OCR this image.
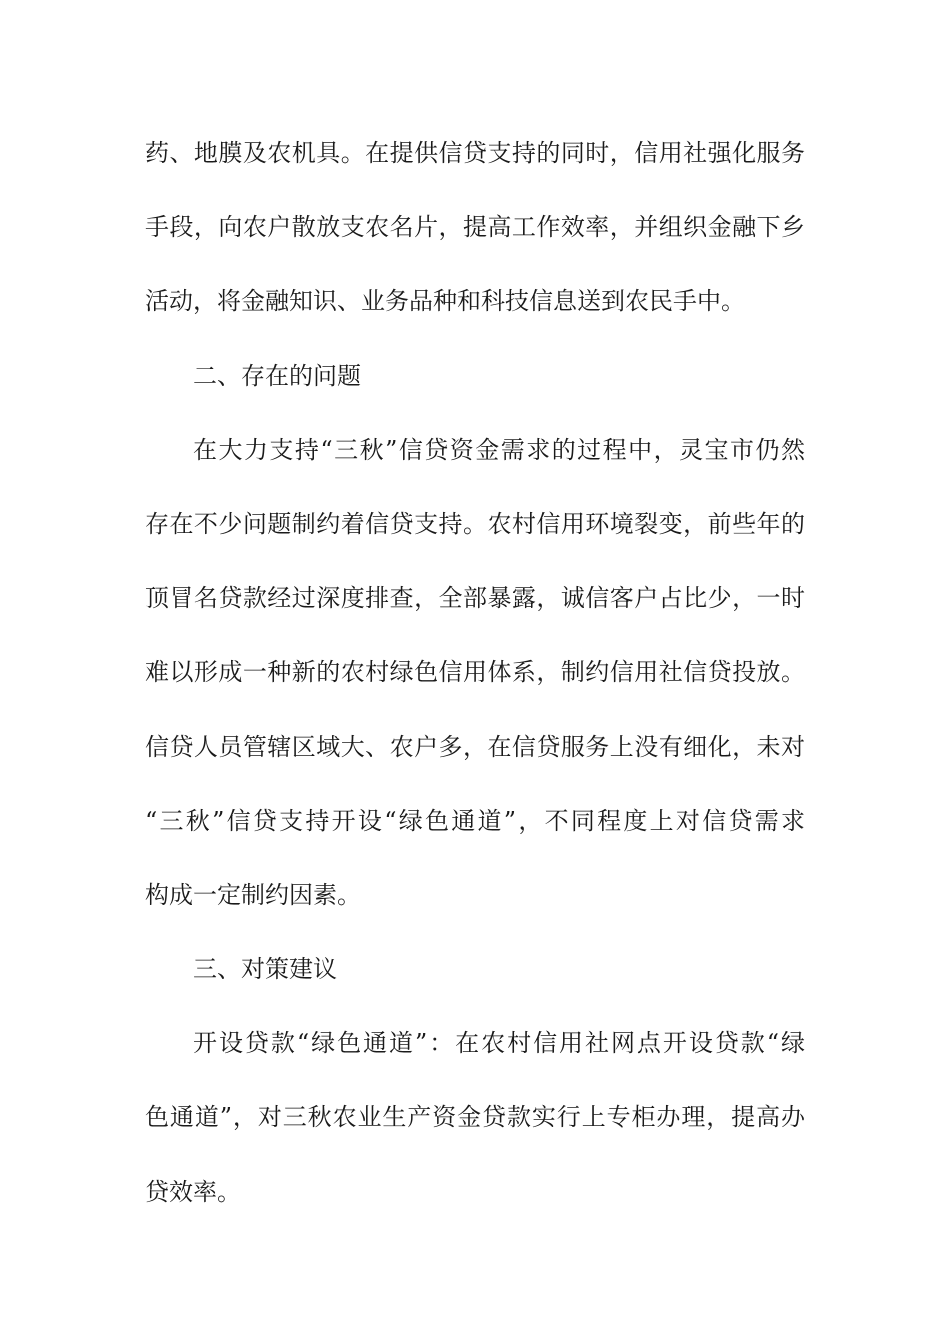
药、地膜及农机具。在提供信贷支持的同时，信用社强化服务
手段，向农户散放支农名片，提高工作效率，并组织金融下乡
活动，将金融知识、业务品种和科技信息送到农民手中。
二、存在的问题
在大力支持“三秋”信贷资金需求的过程中，灵宝市仍然
存在不少问题制约着信贷支持。农村信用环境裂变，前些年的
顶冒名贷款经过深度排查，全部暴露，诚信客户占比少，一时
难以形成一种新的农村绿色信用体系，制约信用社信贷投放。
信贷人员管辖区域大、农户多，在信贷服务上没有细化，未对
“三秋”信贷支持开设“绿色通道”，不同程度上对信贷需求
构成一定制约因素。
三、对策建议
开设贷款“绿色通道”：在农村信用社网点开设贷款“绿
色通道”，对三秋农业生产资金贷款实行上专柜办理，提高办
贷效率。
